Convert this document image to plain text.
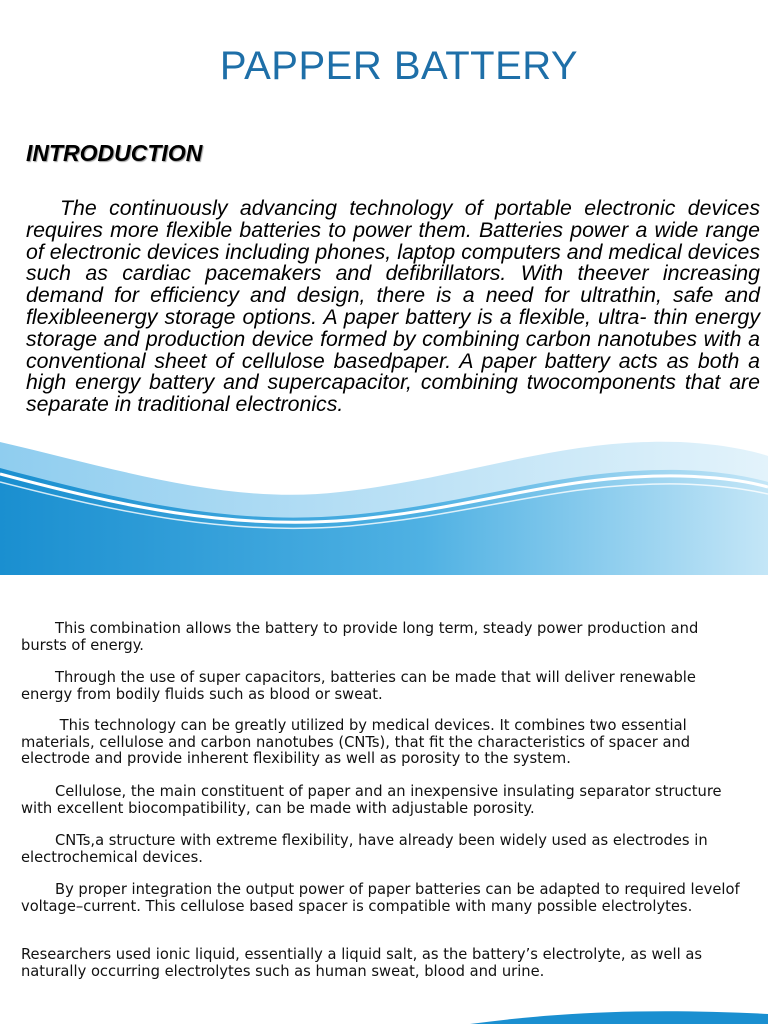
PAPPER BATTERY
INTRODUCTION
The continuously advancing technology of portable electronic devices requires more flexible batteries to power them. Batteries power a wide range of electronic devices including phones, laptop computers and medical devices such as cardiac pacemakers and defibrillators. With theever increasing demand for efficiency and design, there is a need for ultrathin, safe and flexibleenergy storage options. A paper battery is a flexible, ultra- thin energy storage and production device formed by combining carbon nanotubes with a conventional sheet of cellulose basedpaper. A paper battery acts as both a high energy battery and supercapacitor, combining twocomponents that are separate in traditional electronics.
This combination allows the battery to provide long term, steady power production and bursts of energy.
Through the use of super capacitors, batteries can be made that will deliver renewable energy from bodily fluids such as blood or sweat.
This technology can be greatly utilized by medical devices. It combines two essential materials, cellulose and carbon nanotubes (CNTs), that fit the characteristics of spacer and electrode and provide inherent flexibility as well as porosity to the system.
Cellulose, the main constituent of paper and an inexpensive insulating separator structure with excellent biocompatibility, can be made with adjustable porosity.
CNTs,a structure with extreme flexibility, have already been widely used as electrodes in electrochemical devices.
By proper integration the output power of paper batteries can be adapted to required levelof voltage–current. This cellulose based spacer is compatible with many possible electrolytes.
Researchers used ionic liquid, essentially a liquid salt, as the battery’s electrolyte, as well as naturally occurring electrolytes such as human sweat, blood and urine.
